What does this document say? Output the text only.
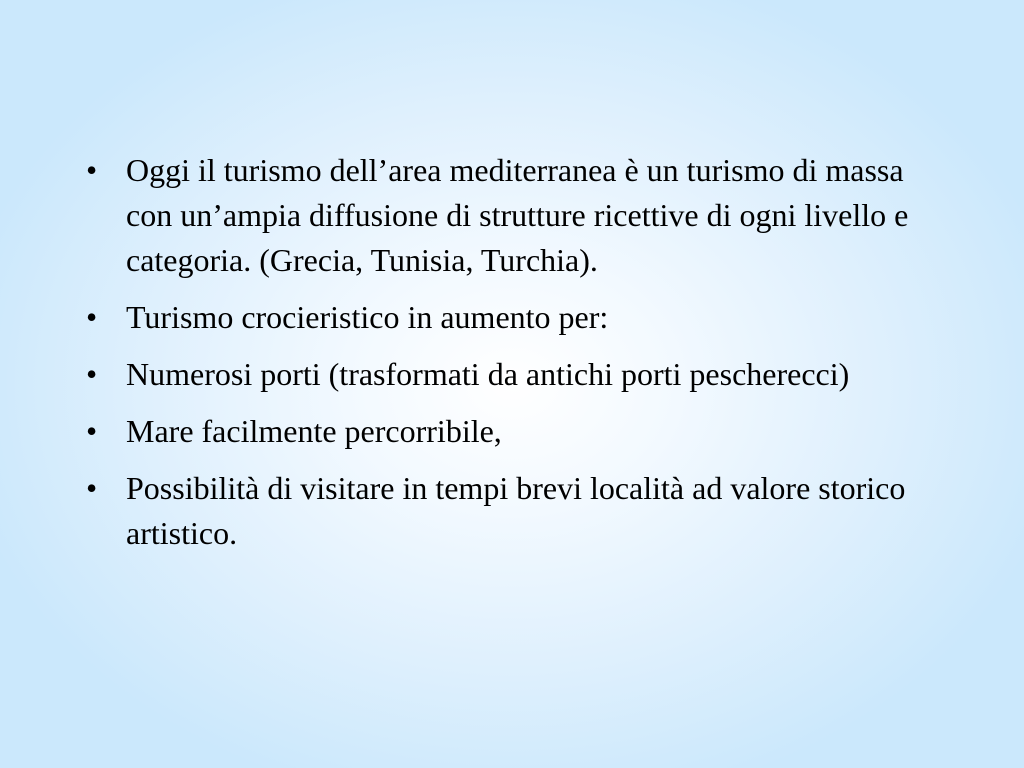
• Oggi il turismo dell’area mediterranea è un turismo di massa con un’ampia diffusione di strutture ricettive di ogni livello e categoria. (Grecia, Tunisia, Turchia).
• Turismo crocieristico in aumento per:
• Numerosi porti (trasformati da antichi porti pescherecci)
• Mare facilmente percorribile,
• Possibilità di visitare in tempi brevi località ad valore storico artistico.
